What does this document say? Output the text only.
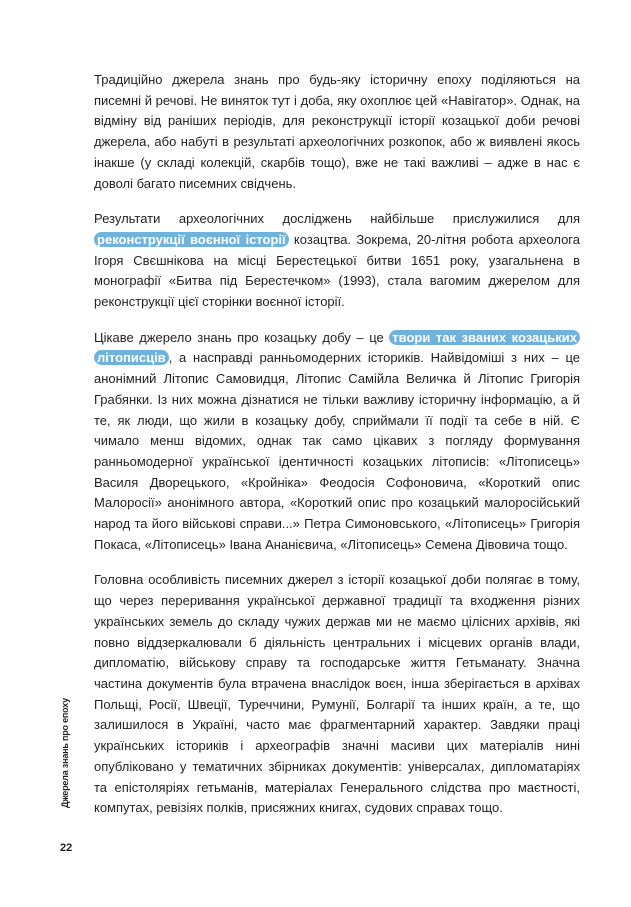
Традиційно джерела знань про будь-яку історичну епоху поділяються на писемні й речові. Не виняток тут і доба, яку охоплює цей «Навігатор». Однак, на відміну від раніших періодів, для реконструкції історії козацької доби речові джерела, або набуті в результаті археологічних розкопок, або ж виявлені якось інакше (у складі колекцій, скарбів тощо), вже не такі важливі – адже в нас є доволі багато писемних свідчень.

Результати археологічних досліджень найбільше прислужилися для реконструкції воєнної історії козацтва. Зокрема, 20-літня робота археолога Ігоря Свєшнікова на місці Берестецької битви 1651 року, узагальнена в монографії «Битва під Берестечком» (1993), стала вагомим джерелом для реконструкції цієї сторінки воєнної історії.

Цікаве джерело знань про козацьку добу – це твори так званих козацьких літописців , а насправді ранньомодерних істориків. Найвідоміші з них – це анонімний Літопис Самовидця, Літопис Самійла Величка й Літопис Григорія Грабянки. Із них можна дізнатися не тільки важливу історичну інформацію, а й те, як люди, що жили в козацьку добу, сприймали її події та себе в ній. Є чимало менш відомих, однак так само цікавих з погляду формування ранньомодерної української ідентичності козацьких літописів: «Літописець» Василя Дворецького, «Кройніка» Феодосія Софоновича, «Короткий опис Малоросії» анонімного автора, «Короткий опис про козацький малоросійський народ та його військові справи...» Петра Симоновського, «Літописець» Григорія Покаса, «Літописець» Івана Ананієвича, «Літописець» Семена Дівовича тощо.

Головна особливість писемних джерел з історії козацької доби полягає в тому, що через переривання української державної традиції та входження різних українських земель до складу чужих держав ми не маємо цілісних архівів, які повно віддзеркалювали б діяльність центральних і місцевих органів влади, дипломатію, військову справу та господарське життя Гетьманату. Значна частина документів була втрачена внаслідок воєн, інша зберігається в архівах Польщі, Росії, Швеції, Туреччини, Румунії, Болгарії та інших країн, а те, що залишилося в Україні, часто має фрагментарний характер. Завдяки праці українських істориків і археографів значні масиви цих матеріалів нині опубліковано у тематичних збірниках документів: універсалах, дипломатаріях та епістоляріях гетьманів, матеріалах Генерального слідства про маєтності, компутах, ревізіях полків, присяжних книгах, судових справах тощо.

Джерела знань про епоху
22
